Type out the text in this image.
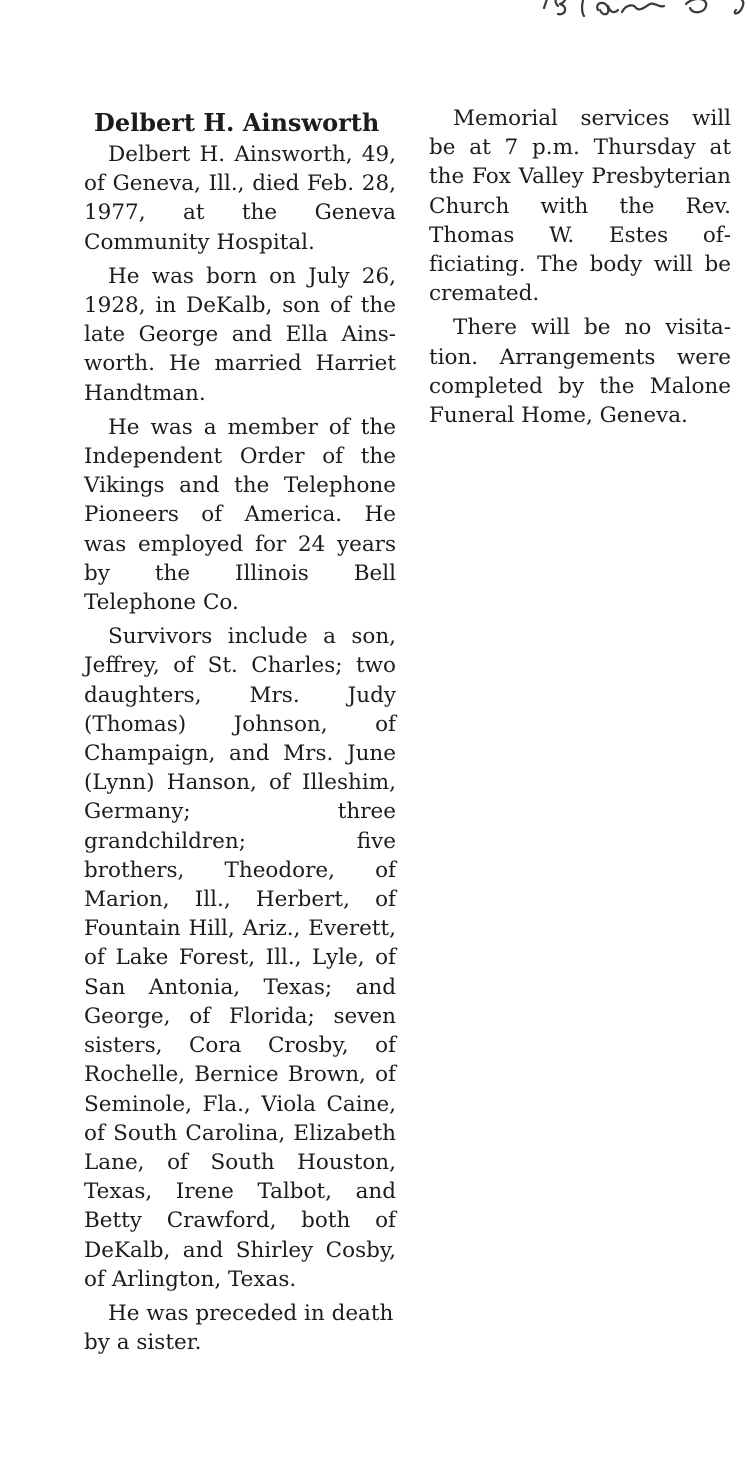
Delbert H. Ainsworth

Delbert H. Ainsworth, 49, of Geneva, Ill., died Feb. 28, 1977, at the Geneva Community Hospital.

He was born on July 26, 1928, in DeKalb, son of the late George and Ella Ainsworth. He married Harriet Handtman.

He was a member of the Independent Order of the Vikings and the Telephone Pioneers of America. He was employed for 24 years by the Illinois Bell Telephone Co.

Survivors include a son, Jeffrey, of St. Charles; two daughters, Mrs. Judy (Thomas) Johnson, of Champaign, and Mrs. June (Lynn) Hanson, of Illeshim, Germany; three grandchildren; five brothers, Theodore, of Marion, Ill., Herbert, of Fountain Hill, Ariz., Everett, of Lake Forest, Ill., Lyle, of San Antonia, Texas; and George, of Florida; seven sisters, Cora Crosby, of Rochelle, Bernice Brown, of Seminole, Fla., Viola Caine, of South Carolina, Elizabeth Lane, of South Houston, Texas, Irene Talbot, and Betty Crawford, both of DeKalb, and Shirley Cosby, of Arlington, Texas.

He was preceded in death by a sister.

Memorial services will be at 7 p.m. Thursday at the Fox Valley Presbyterian Church with the Rev. Thomas W. Estes officiating. The body will be cremated.

There will be no visitation. Arrangements were completed by the Malone Funeral Home, Geneva.
